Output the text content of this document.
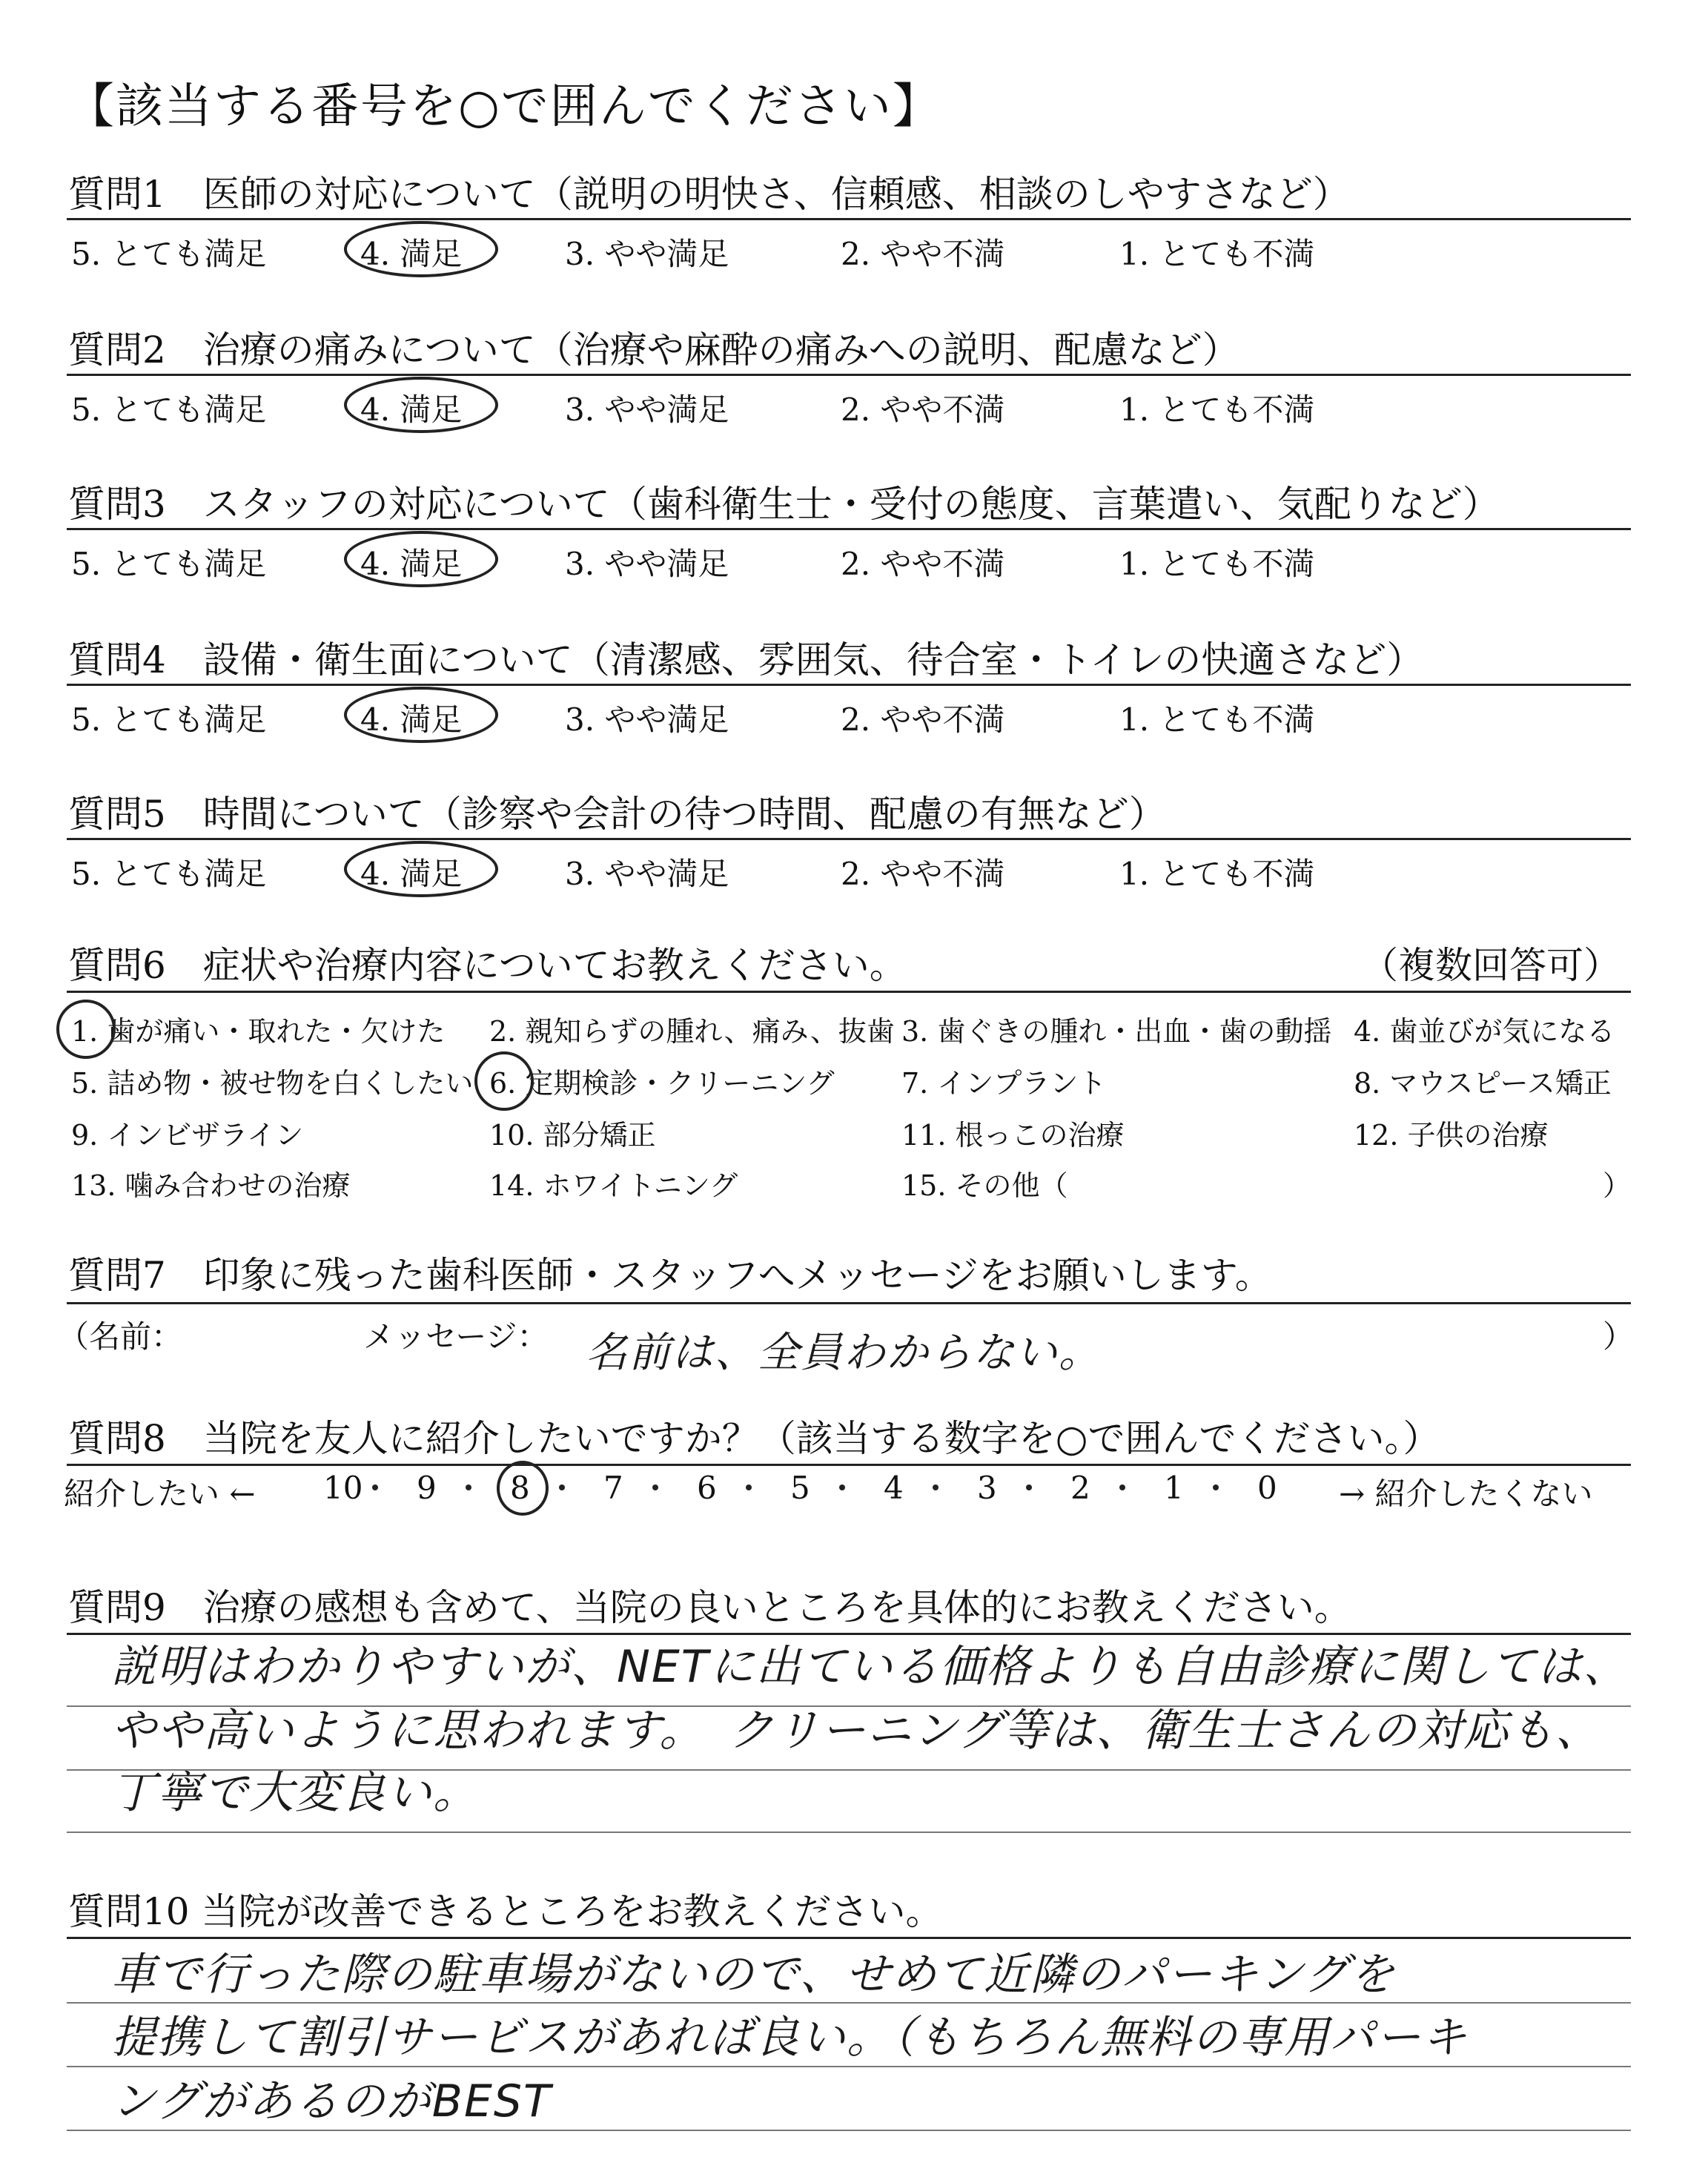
【該当する番号を○で囲んでください】
質問1　医師の対応について（説明の明快さ、信頼感、相談のしやすさなど）
5. とても満足	4. 満足	3. やや満足	2. やや不満	1. とても不満
質問2　治療の痛みについて（治療や麻酔の痛みへの説明、配慮など）
5. とても満足	4. 満足	3. やや満足	2. やや不満	1. とても不満
質問3　スタッフの対応について（歯科衛生士・受付の態度、言葉遣い、気配りなど）
5. とても満足	4. 満足	3. やや満足	2. やや不満	1. とても不満
質問4　設備・衛生面について（清潔感、雰囲気、待合室・トイレの快適さなど）
5. とても満足	4. 満足	3. やや満足	2. やや不満	1. とても不満
質問5　時間について（診察や会計の待つ時間、配慮の有無など）
5. とても満足	4. 満足	3. やや満足	2. やや不満	1. とても不満
質問6　症状や治療内容についてお教えください。	（複数回答可）
1. 歯が痛い・取れた・欠けた 2. 親知らずの腫れ、痛み、抜歯 3. 歯ぐきの腫れ・出血・歯の動揺 4. 歯並びが気になる
5. 詰め物・被せ物を白くしたい 6. 定期検診・クリーニング 7. インプラント	8. マウスピース矯正
9. インビザライン	10. 部分矯正	11. 根っこの治療	12. 子供の治療
13. 噛み合わせの治療	14. ホワイトニング	15. その他（	）
質問7　印象に残った歯科医師・スタッフへメッセージをお願いします。
（名前：	メッセージ： 名前は、全員わからない。	）
質問8　当院を友人に紹介したいですか？（該当する数字を○で囲んでください。）
紹介したい ← 10 9 8 7 6 5 4 3 2 1 0 → 紹介したくない
質問9　治療の感想も含めて、当院の良いところを具体的にお教えください。
説明はわかりやすいが、NETに出ている価格よりも自由診療に関しては、
やや高いように思われます。　クリーニング等は、衛生士さんの対応も、
丁寧で大変良い。
質問10 当院が改善できるところをお教えください。
車で行った際の駐車場がないので、せめて近隣のパーキングを
提携して割引サービスがあれば良い。（もちろん無料の専用パーキ
ングがあるのがBEST
